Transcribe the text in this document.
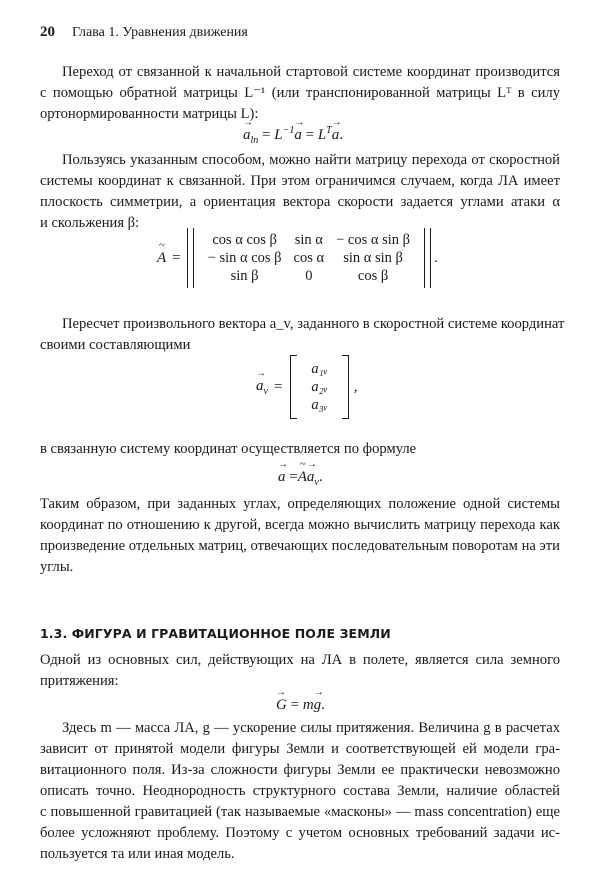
20 Глава 1. Уравнения движения
Переход от связанной к начальной стартовой системе координат производится
с помощью обратной матрицы L⁻¹ (или транспонированной матрицы Lᵀ в силу
ортонормированности матрицы L):
→ $a_{ln} = L^{-1}\to a = L^T\to a$.
Пользуясь указанным способом, можно найти матрицу перехода от скоростной
системы координат к связанной. При этом ограничимся случаем, когда ЛА имеет
плоскость симметрии, а ориентация вектора скорости задается углами атаки α
и скольжения β:
~ A =
cos α cos β	sin α	− cos α sin β
− sin α cos β	cos α	sin α sin β
sin β	0	cos β
.
Пересчет произвольного вектора a_v, заданного в скоростной системе координат
своими составляющими
→ $a_v$ =
a₁ᵥ
a₂ᵥ
a₃ᵥ
,
в связанную систему координат осуществляется по формуле
→ a =~ $A\to a_v$.
Таким образом, при заданных углах, определяющих положение одной системы
координат по отношению к другой, всегда можно вычислить матрицу перехода как
произведение отдельных матриц, отвечающих последовательным поворотам на эти
углы.
1.3. ФИГУРА И ГРАВИТАЦИОННОЕ ПОЛЕ ЗЕМЛИ
Одной из основных сил, действующих на ЛА в полете, является сила земного
притяжения:
→ G = m→ g.
Здесь m — масса ЛА, g — ускорение силы притяжения. Величина g в расчетах
зависит от принятой модели фигуры Земли и соответствующей ей модели гра-
витационного поля. Из-за сложности фигуры Земли ее практически невозможно
описать точно. Неоднородность структурного состава Земли, наличие областей
с повышенной гравитацией (так называемые «масконы» — mass concentration) еще
более усложняют проблему. Поэтому с учетом основных требований задачи ис-
пользуется та или иная модель.
